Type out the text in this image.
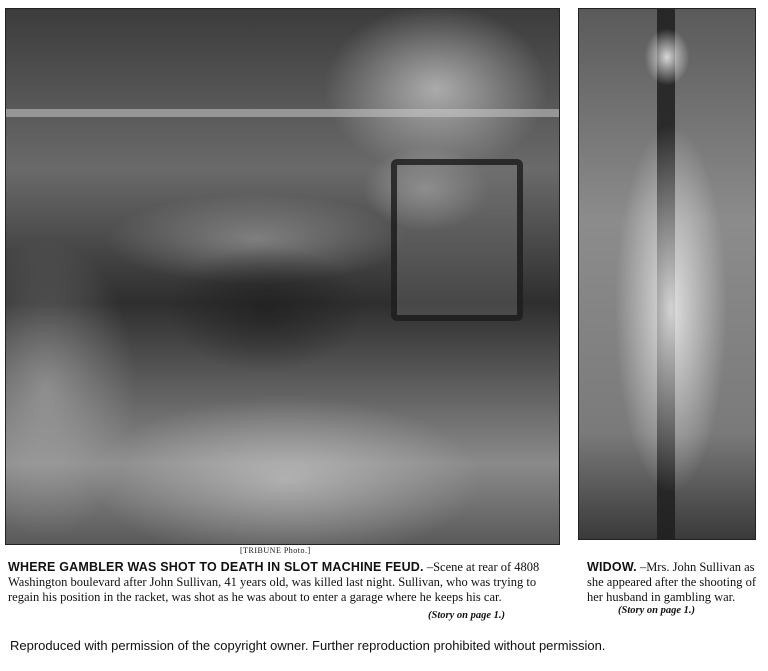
[TRIBUNE Photo.]
WHERE GAMBLER WAS SHOT TO DEATH IN SLOT MACHINE FEUD. –Scene at rear of 4808 Washington boulevard after John Sullivan, 41 years old, was killed last night. Sullivan, who was trying to regain his position in the racket, was shot as he was about to enter a garage where he keeps his car.
(Story on page 1.)
WIDOW. –Mrs. John Sullivan as she appeared after the shooting of her husband in gambling war.
(Story on page 1.)
Reproduced with permission of the copyright owner. Further reproduction prohibited without permission.
